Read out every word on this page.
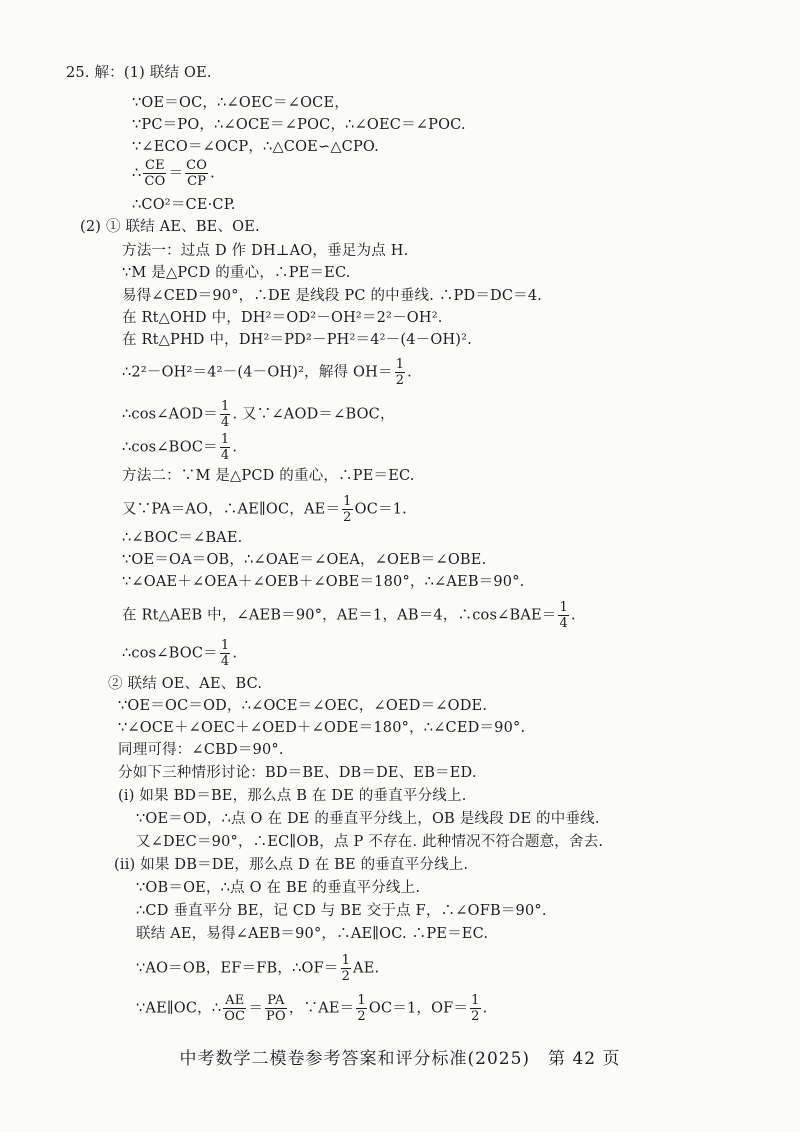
25. 解：(1) 联结 OE.
∵OE＝OC，∴∠OEC＝∠OCE，
∵PC＝PO，∴∠OCE＝∠POC，∴∠OEC＝∠POC.
∵∠ECO＝∠OCP，∴△COE∽△CPO.
∴ $\frac{CE}{CO} = \frac{CO}{CP}$ .
∴CO²＝CE·CP.
(2) ① 联结 AE、BE、OE.
方法一：过点 D 作 DH⊥AO，垂足为点 H.
∵M 是△PCD 的重心，∴PE＝EC.
易得∠CED＝90°，∴DE 是线段 PC 的中垂线. ∴PD＝DC＝4.
在 Rt△OHD 中，DH²＝OD²－OH²＝2²－OH².
在 Rt△PHD 中，DH²＝PD²－PH²＝4²－(4－OH)².
∴2²－OH²＝4²－(4－OH)²，解得 $OH= \frac{1}{2}$ .
∴cos∠AOD＝ $\frac{1}{4}$ . 又∵∠AOD＝∠BOC，
∴cos∠BOC＝ $\frac{1}{4}$ .
方法二：∵M 是△PCD 的重心，∴PE＝EC.
又∵PA＝AO，∴AE∥OC，$AE= \frac{1}{2} OC=1$.
∴∠BOC＝∠BAE.
∵OE＝OA＝OB，∴∠OAE＝∠OEA，∠OEB＝∠OBE.
∵∠OAE＋∠OEA＋∠OEB＋∠OBE＝180°，∴∠AEB＝90°.
在 Rt△AEB 中，∠AEB＝90°，AE＝1，AB＝4，∴cos∠BAE＝ $\frac{1}{4}$ .
∴cos∠BOC＝ $\frac{1}{4}$ .
② 联结 OE、AE、BC.
∵OE＝OC＝OD，∴∠OCE＝∠OEC，∠OED＝∠ODE.
∵∠OCE＋∠OEC＋∠OED＋∠ODE＝180°，∴∠CED＝90°.
同理可得：∠CBD＝90°.
分如下三种情形讨论：BD＝BE、DB＝DE、EB＝ED.
(i) 如果 BD＝BE，那么点 B 在 DE 的垂直平分线上.
∵OE＝OD，∴点 O 在 DE 的垂直平分线上，OB 是线段 DE 的中垂线.
又∠DEC＝90°，∴EC∥OB，点 P 不存在. 此种情况不符合题意，舍去.
(ii) 如果 DB＝DE，那么点 D 在 BE 的垂直平分线上.
∵OB＝OE，∴点 O 在 BE 的垂直平分线上.
∴CD 垂直平分 BE，记 CD 与 BE 交于点 F，∴∠OFB＝90°.
联结 AE，易得∠AEB＝90°，∴AE∥OC. ∴PE＝EC.
∵AO＝OB，EF＝FB，∴OF＝ $\frac{1}{2}$ AE.
∵AE∥OC，∴ $\frac{AE}{OC} = \frac{PA}{PO}$ ，∵AE＝ $\frac{1}{2} OC=1$，$OF= \frac{1}{2}$ .
中考数学二模卷参考答案和评分标准(2025)　第 42 页
